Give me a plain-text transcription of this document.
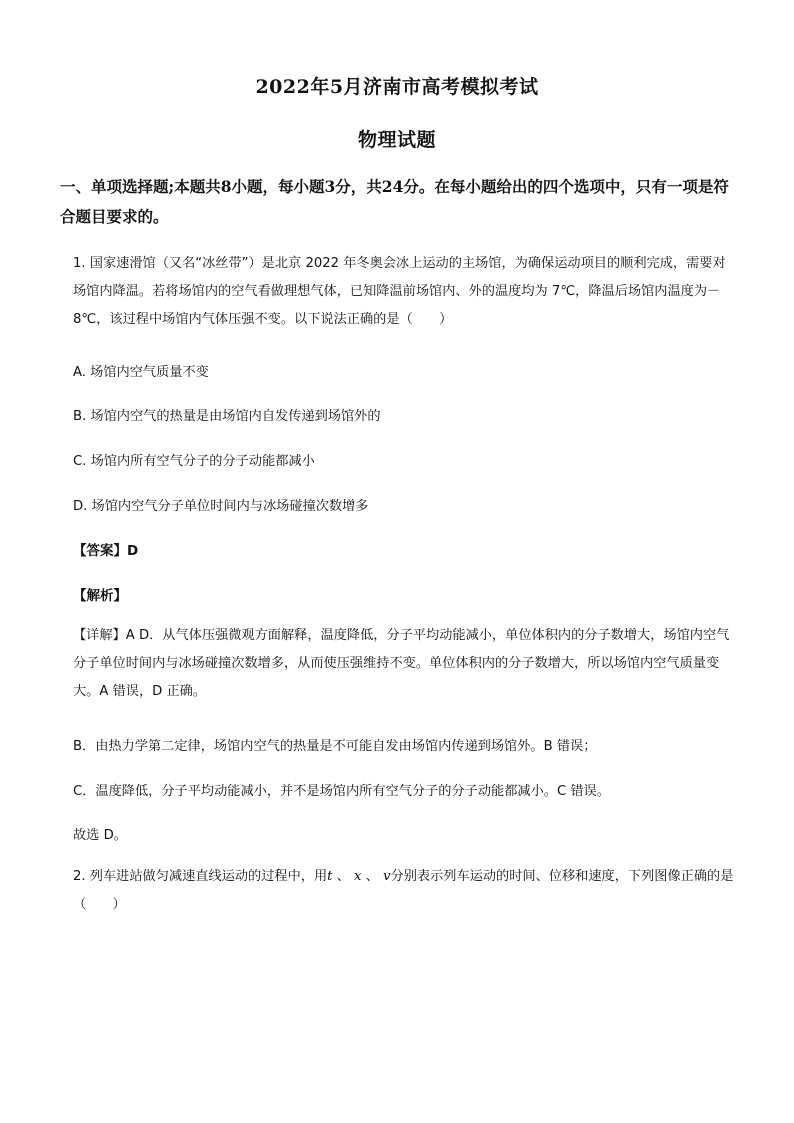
2022年5月济南市高考模拟考试
物理试题
一、单项选择题;本题共8小题，每小题3分，共24分。在每小题给出的四个选项中，只有一项是符合题目要求的。
1. 国家速滑馆（又名“冰丝带”）是北京 2022 年冬奥会冰上运动的主场馆，为确保运动项目的顺利完成，需要对场馆内降温。若将场馆内的空气看做理想气体，已知降温前场馆内、外的温度均为 7℃，降温后场馆内温度为－8℃，该过程中场馆内气体压强不变。以下说法正确的是（　　）
A. 场馆内空气质量不变
B. 场馆内空气的热量是由场馆内自发传递到场馆外的
C. 场馆内所有空气分子的分子动能都减小
D. 场馆内空气分子单位时间内与冰场碰撞次数增多
【答案】D
【解析】
【详解】A D．从气体压强微观方面解释，温度降低，分子平均动能减小，单位体积内的分子数增大，场馆内空气分子单位时间内与冰场碰撞次数增多，从而使压强维持不变。单位体积内的分子数增大，所以场馆内空气质量变大。A 错误，D 正确。
B．由热力学第二定律，场馆内空气的热量是不可能自发由场馆内传递到场馆外。B 错误；
C．温度降低，分子平均动能减小，并不是场馆内所有空气分子的分子动能都减小。C 错误。
故选 D。
2. 列车进站做匀减速直线运动的过程中，用t 、 x 、 v分别表示列车运动的时间、位移和速度，下列图像正确的是（　　）
